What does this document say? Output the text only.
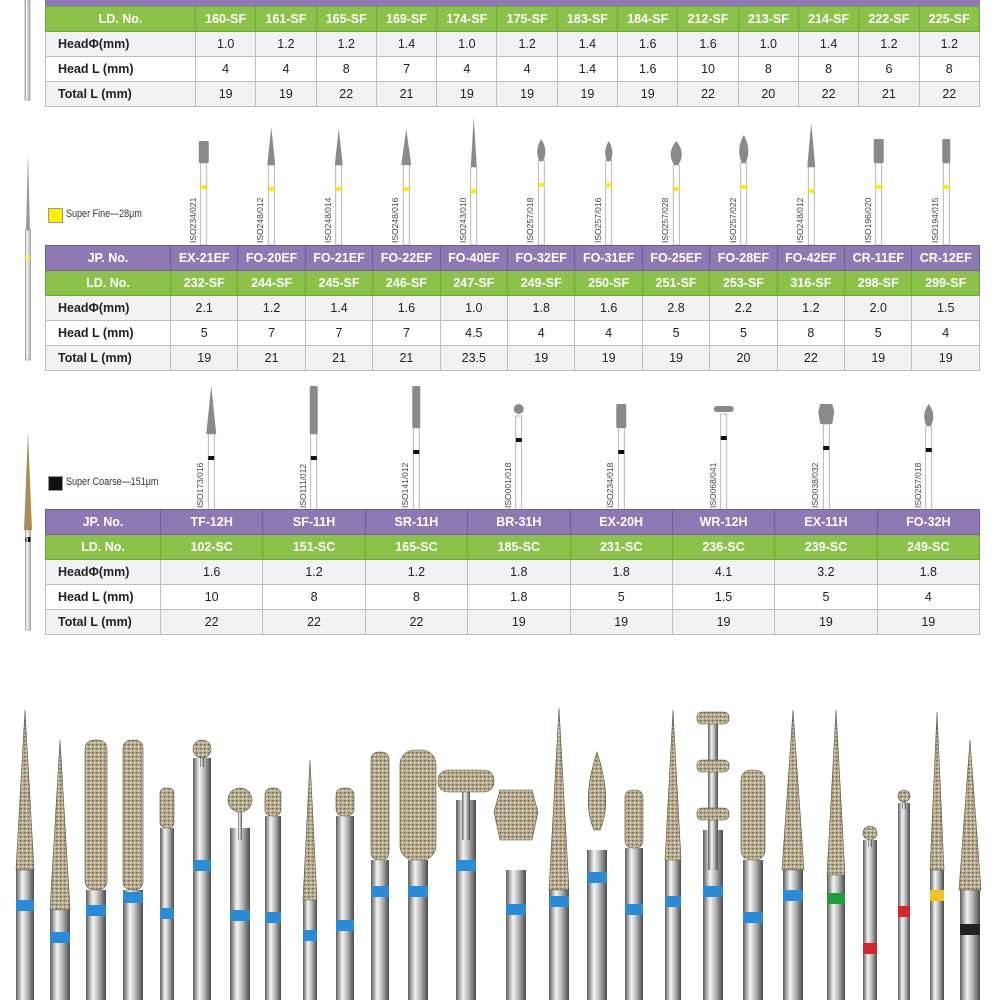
LD. No.	160-SF	161-SF	165-SF	169-SF	174-SF	175-SF	183-SF	184-SF	212-SF	213-SF	214-SF	222-SF	225-SF
HeadΦ(mm)	1.0	1.2	1.2	1.4	1.0	1.2	1.4	1.6	1.6	1.0	1.4	1.2	1.2
Head L (mm)	4	4	8	7	4	4	1.4	1.6	10	8	8	6	8
Total L (mm)	19	19	22	21	19	19	19	19	22	20	22	21	22
Super Fine—28μm	ISO234/021	ISO248/012	ISO248/014	ISO248/016	ISO243/010	ISO257/018	ISO257/016	ISO257/028	ISO257/022	ISO248/012	ISO196/020	ISO194/015
JP. No.	EX-21EF	FO-20EF	FO-21EF	FO-22EF	FO-40EF	FO-32EF	FO-31EF	FO-25EF	FO-28EF	FO-42EF	CR-11EF	CR-12EF
LD. No.	232-SF	244-SF	245-SF	246-SF	247-SF	249-SF	250-SF	251-SF	253-SF	316-SF	298-SF	299-SF
HeadΦ(mm)	2.1	1.2	1.4	1.6	1.0	1.8	1.6	2.8	2.2	1.2	2.0	1.5
Head L (mm)	5	7	7	7	4.5	4	4	5	5	8	5	4
Total L (mm)	19	21	21	21	23.5	19	19	19	20	22	19	19
Super Coarse—151μm	ISO173/016	ISO111/012	ISO141/012	ISO001/018	ISO234/018	ISO068/041	ISO038/032	ISO257/018
JP. No.	TF-12H	SF-11H	SR-11H	BR-31H	EX-20H	WR-12H	EX-11H	FO-32H
LD. No.	102-SC	151-SC	165-SC	185-SC	231-SC	236-SC	239-SC	249-SC
HeadΦ(mm)	1.6	1.2	1.2	1.8	1.8	4.1	3.2	1.8
Head L (mm)	10	8	8	1.8	5	1.5	5	4
Total L (mm)	22	22	22	19	19	19	19	19
